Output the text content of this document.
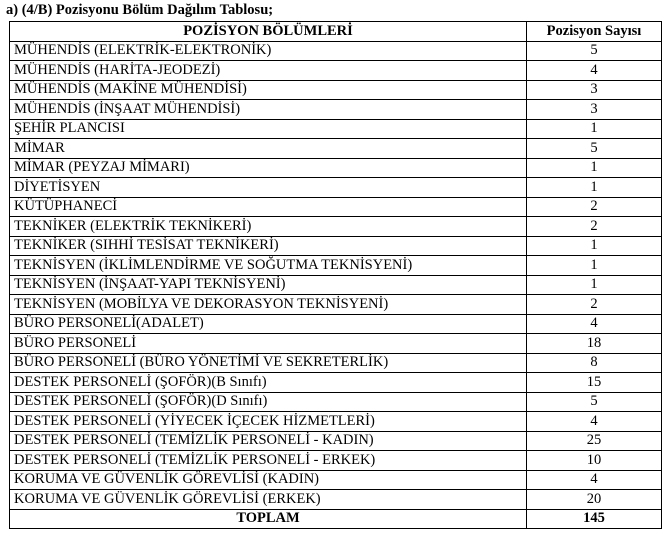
a) (4/B) Pozisyonu Bölüm Dağılım Tablosu;
POZİSYON BÖLÜMLERİ	Pozisyon Sayısı
MÜHENDİS (ELEKTRİK-ELEKTRONİK)	5
MÜHENDİS (HARİTA-JEODEZİ)	4
MÜHENDİS (MAKİNE MÜHENDİSİ)	3
MÜHENDİS (İNŞAAT MÜHENDİSİ)	3
ŞEHİR PLANCISI	1
MİMAR	5
MİMAR (PEYZAJ MİMARI)	1
DİYETİSYEN	1
KÜTÜPHANECİ	2
TEKNİKER (ELEKTRİK TEKNİKERİ)	2
TEKNİKER (SIHHİ TESİSAT TEKNİKERİ)	1
TEKNİSYEN (İKLİMLENDİRME VE SOĞUTMA TEKNİSYENİ)	1
TEKNİSYEN (İNŞAAT-YAPI TEKNİSYENİ)	1
TEKNİSYEN (MOBİLYA VE DEKORASYON TEKNİSYENİ)	2
BÜRO PERSONELİ(ADALET)	4
BÜRO PERSONELİ	18
BÜRO PERSONELİ (BÜRO YÖNETİMİ VE SEKRETERLİK)	8
DESTEK PERSONELİ (ŞOFÖR)(B Sınıfı)	15
DESTEK PERSONELİ (ŞOFÖR)(D Sınıfı)	5
DESTEK PERSONELİ (YİYECEK İÇECEK HİZMETLERİ)	4
DESTEK PERSONELİ (TEMİZLİK PERSONELİ - KADIN)	25
DESTEK PERSONELİ (TEMİZLİK PERSONELİ - ERKEK)	10
KORUMA VE GÜVENLİK GÖREVLİSİ (KADIN)	4
KORUMA VE GÜVENLİK GÖREVLİSİ (ERKEK)	20
TOPLAM	145
